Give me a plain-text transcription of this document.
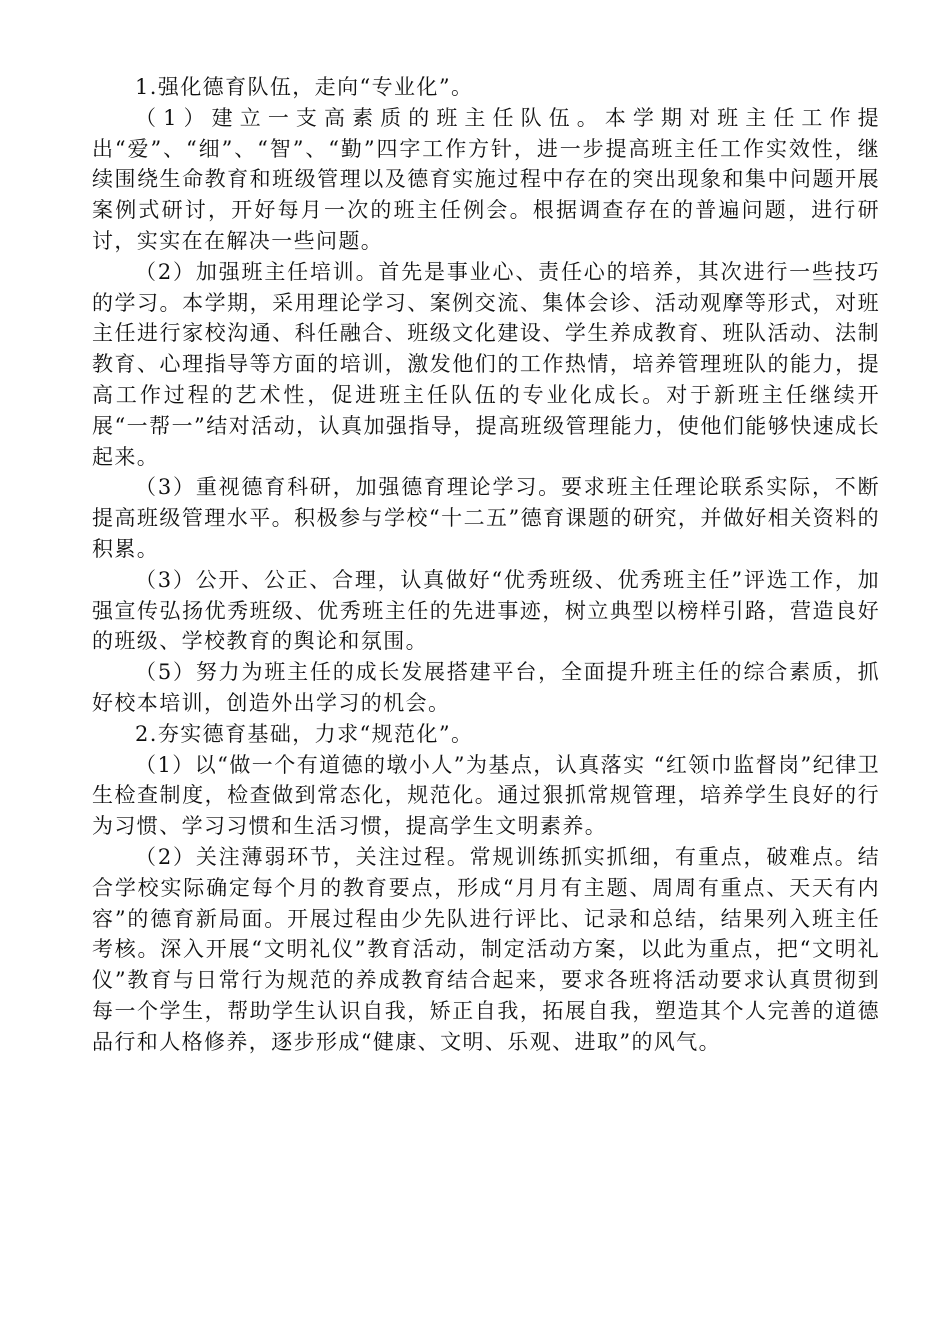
1.强化德育队伍，走向“专业化”。

（1）建立一支高素质的班主任队伍。本学期对班主任工作提出“爱”、“细”、“智”、“勤”四字工作方针，进一步提高班主任工作实效性，继续围绕生命教育和班级管理以及德育实施过程中存在的突出现象和集中问题开展案例式研讨，开好每月一次的班主任例会。根据调查存在的普遍问题，进行研讨，实实在在解决一些问题。

（2）加强班主任培训。首先是事业心、责任心的培养，其次进行一些技巧的学习。本学期，采用理论学习、案例交流、集体会诊、活动观摩等形式，对班主任进行家校沟通、科任融合、班级文化建设、学生养成教育、班队活动、法制教育、心理指导等方面的培训，激发他们的工作热情，培养管理班队的能力，提高工作过程的艺术性，促进班主任队伍的专业化成长。对于新班主任继续开展“一帮一”结对活动，认真加强指导，提高班级管理能力，使他们能够快速成长起来。

（3）重视德育科研，加强德育理论学习。要求班主任理论联系实际，不断提高班级管理水平。积极参与学校“十二五”德育课题的研究，并做好相关资料的积累。

（3）公开、公正、合理，认真做好“优秀班级、优秀班主任”评选工作，加强宣传弘扬优秀班级、优秀班主任的先进事迹，树立典型以榜样引路，营造良好的班级、学校教育的舆论和氛围。

（5）努力为班主任的成长发展搭建平台，全面提升班主任的综合素质，抓好校本培训，创造外出学习的机会。

2.夯实德育基础，力求“规范化”。

（1）以“做一个有道德的墩小人”为基点，认真落实 “红领巾监督岗”纪律卫生检查制度，检查做到常态化，规范化。通过狠抓常规管理，培养学生良好的行为习惯、学习习惯和生活习惯，提高学生文明素养。

（2）关注薄弱环节，关注过程。常规训练抓实抓细，有重点，破难点。结合学校实际确定每个月的教育要点，形成“月月有主题、周周有重点、天天有内容”的德育新局面。开展过程由少先队进行评比、记录和总结，结果列入班主任考核。深入开展“文明礼仪”教育活动，制定活动方案，以此为重点，把“文明礼仪”教育与日常行为规范的养成教育结合起来，要求各班将活动要求认真贯彻到每一个学生，帮助学生认识自我，矫正自我，拓展自我，塑造其个人完善的道德品行和人格修养，逐步形成“健康、文明、乐观、进取”的风气。
